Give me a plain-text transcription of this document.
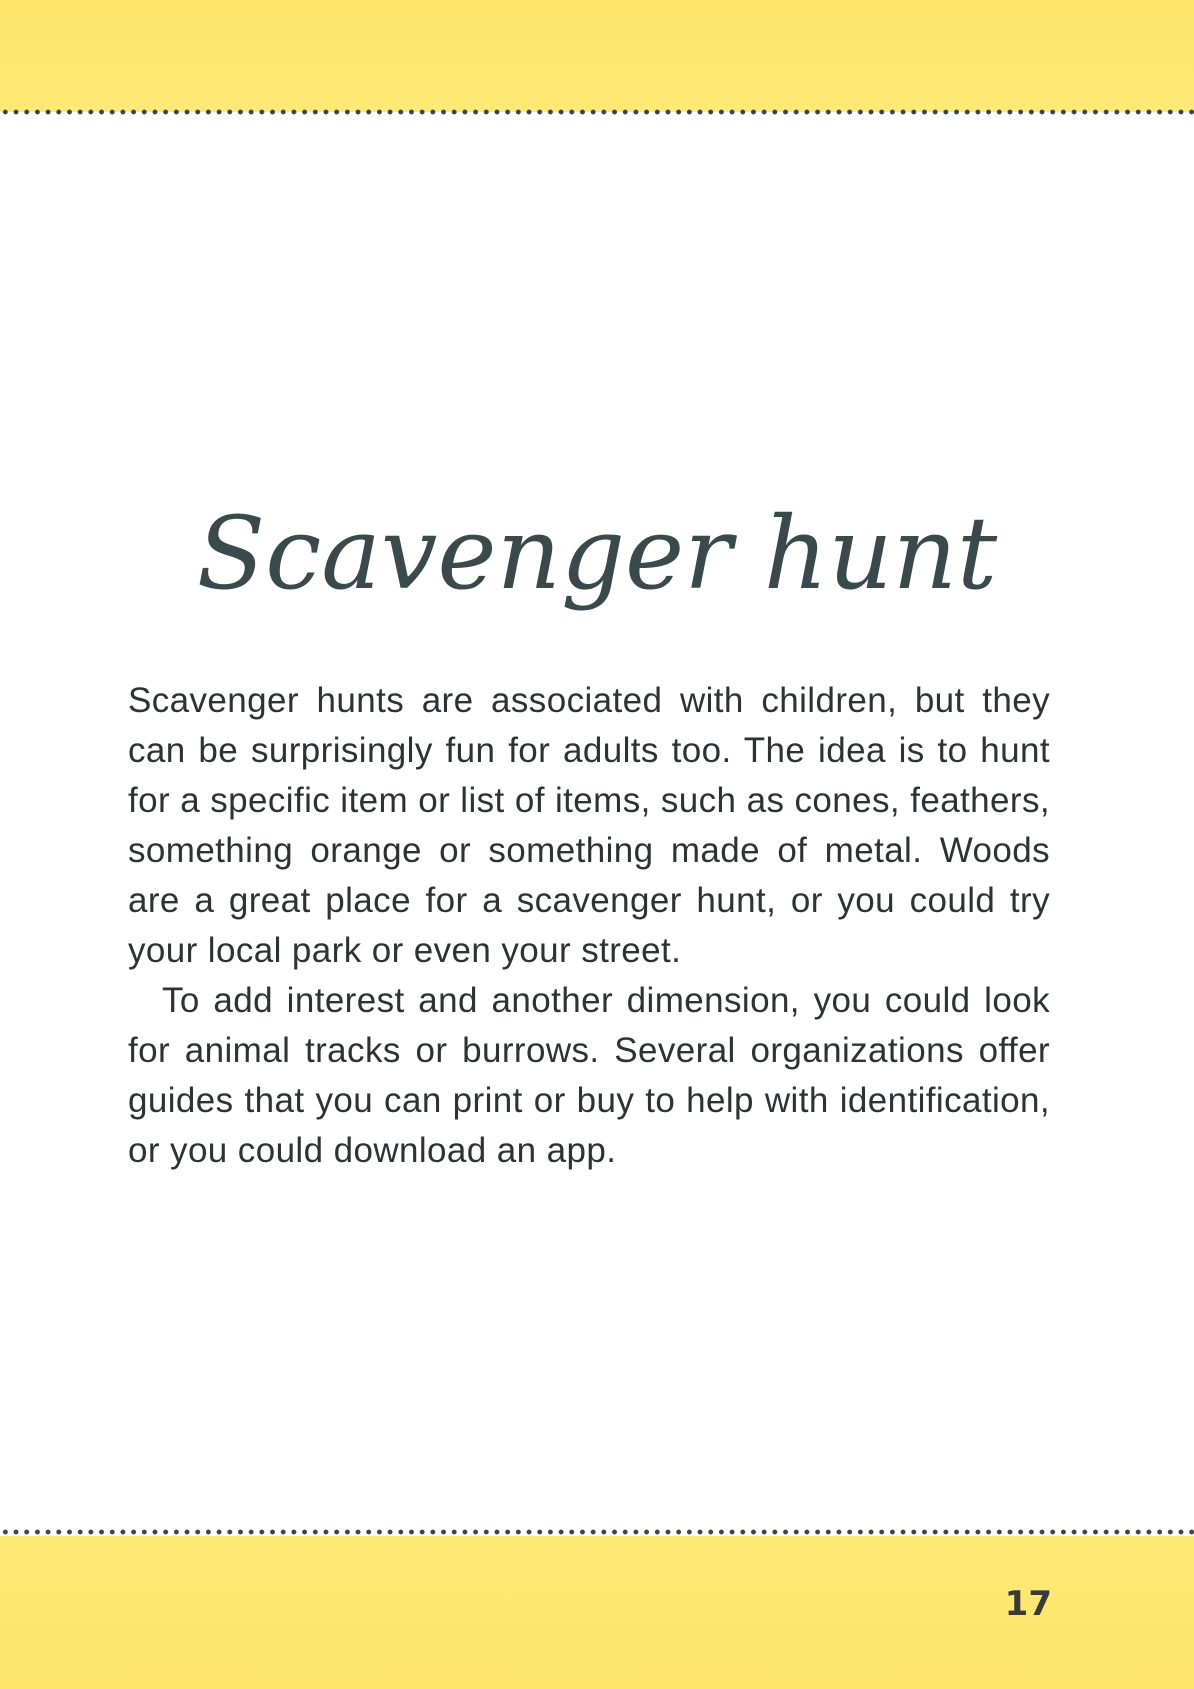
Scavenger hunt

Scavenger hunts are associated with children, but they can be surprisingly fun for adults too. The idea is to hunt for a specific item or list of items, such as cones, feathers, something orange or something made of metal. Woods are a great place for a scavenger hunt, or you could try your local park or even your street.

To add interest and another dimension, you could look for animal tracks or burrows. Several organizations offer guides that you can print or buy to help with identification, or you could download an app.

17
